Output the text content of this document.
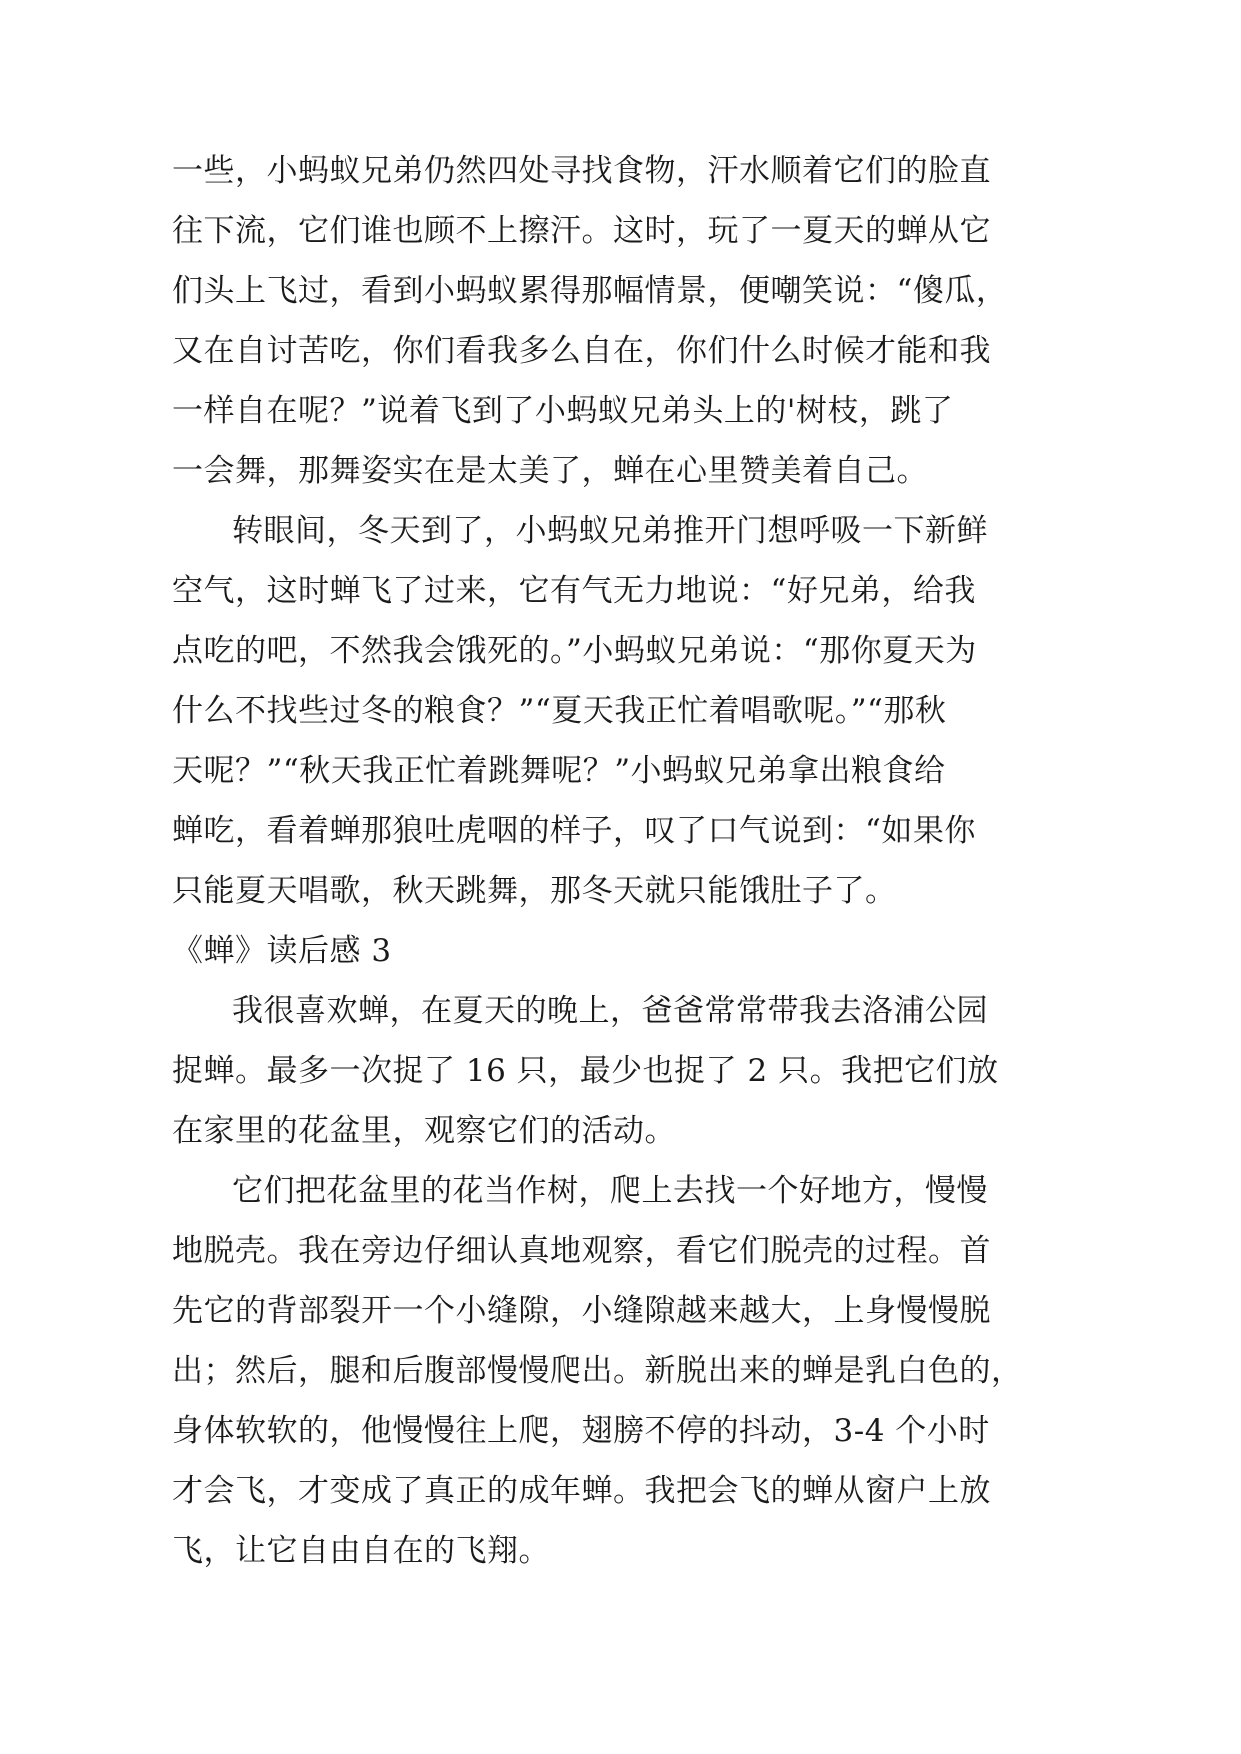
一些，小蚂蚁兄弟仍然四处寻找食物，汗水顺着它们的脸直
往下流，它们谁也顾不上擦汗。这时，玩了一夏天的蝉从它
们头上飞过，看到小蚂蚁累得那幅情景，便嘲笑说：“傻瓜，
又在自讨苦吃，你们看我多么自在，你们什么时候才能和我
一样自在呢？”说着飞到了小蚂蚁兄弟头上的'树枝，跳了
一会舞，那舞姿实在是太美了，蝉在心里赞美着自己。
转眼间，冬天到了，小蚂蚁兄弟推开门想呼吸一下新鲜
空气，这时蝉飞了过来，它有气无力地说：“好兄弟，给我
点吃的吧，不然我会饿死的。”小蚂蚁兄弟说：“那你夏天为
什么不找些过冬的粮食？”“夏天我正忙着唱歌呢。”“那秋
天呢？”“秋天我正忙着跳舞呢？”小蚂蚁兄弟拿出粮食给
蝉吃，看着蝉那狼吐虎咽的样子，叹了口气说到：“如果你
只能夏天唱歌，秋天跳舞，那冬天就只能饿肚子了。
《蝉》读后感 3
我很喜欢蝉，在夏天的晚上，爸爸常常带我去洛浦公园
捉蝉。最多一次捉了 16 只，最少也捉了 2 只。我把它们放
在家里的花盆里，观察它们的活动。
它们把花盆里的花当作树，爬上去找一个好地方，慢慢
地脱壳。我在旁边仔细认真地观察，看它们脱壳的过程。首
先它的背部裂开一个小缝隙，小缝隙越来越大，上身慢慢脱
出；然后，腿和后腹部慢慢爬出。新脱出来的蝉是乳白色的，
身体软软的，他慢慢往上爬，翅膀不停的抖动，3-4 个小时
才会飞，才变成了真正的成年蝉。我把会飞的蝉从窗户上放
飞，让它自由自在的飞翔。
